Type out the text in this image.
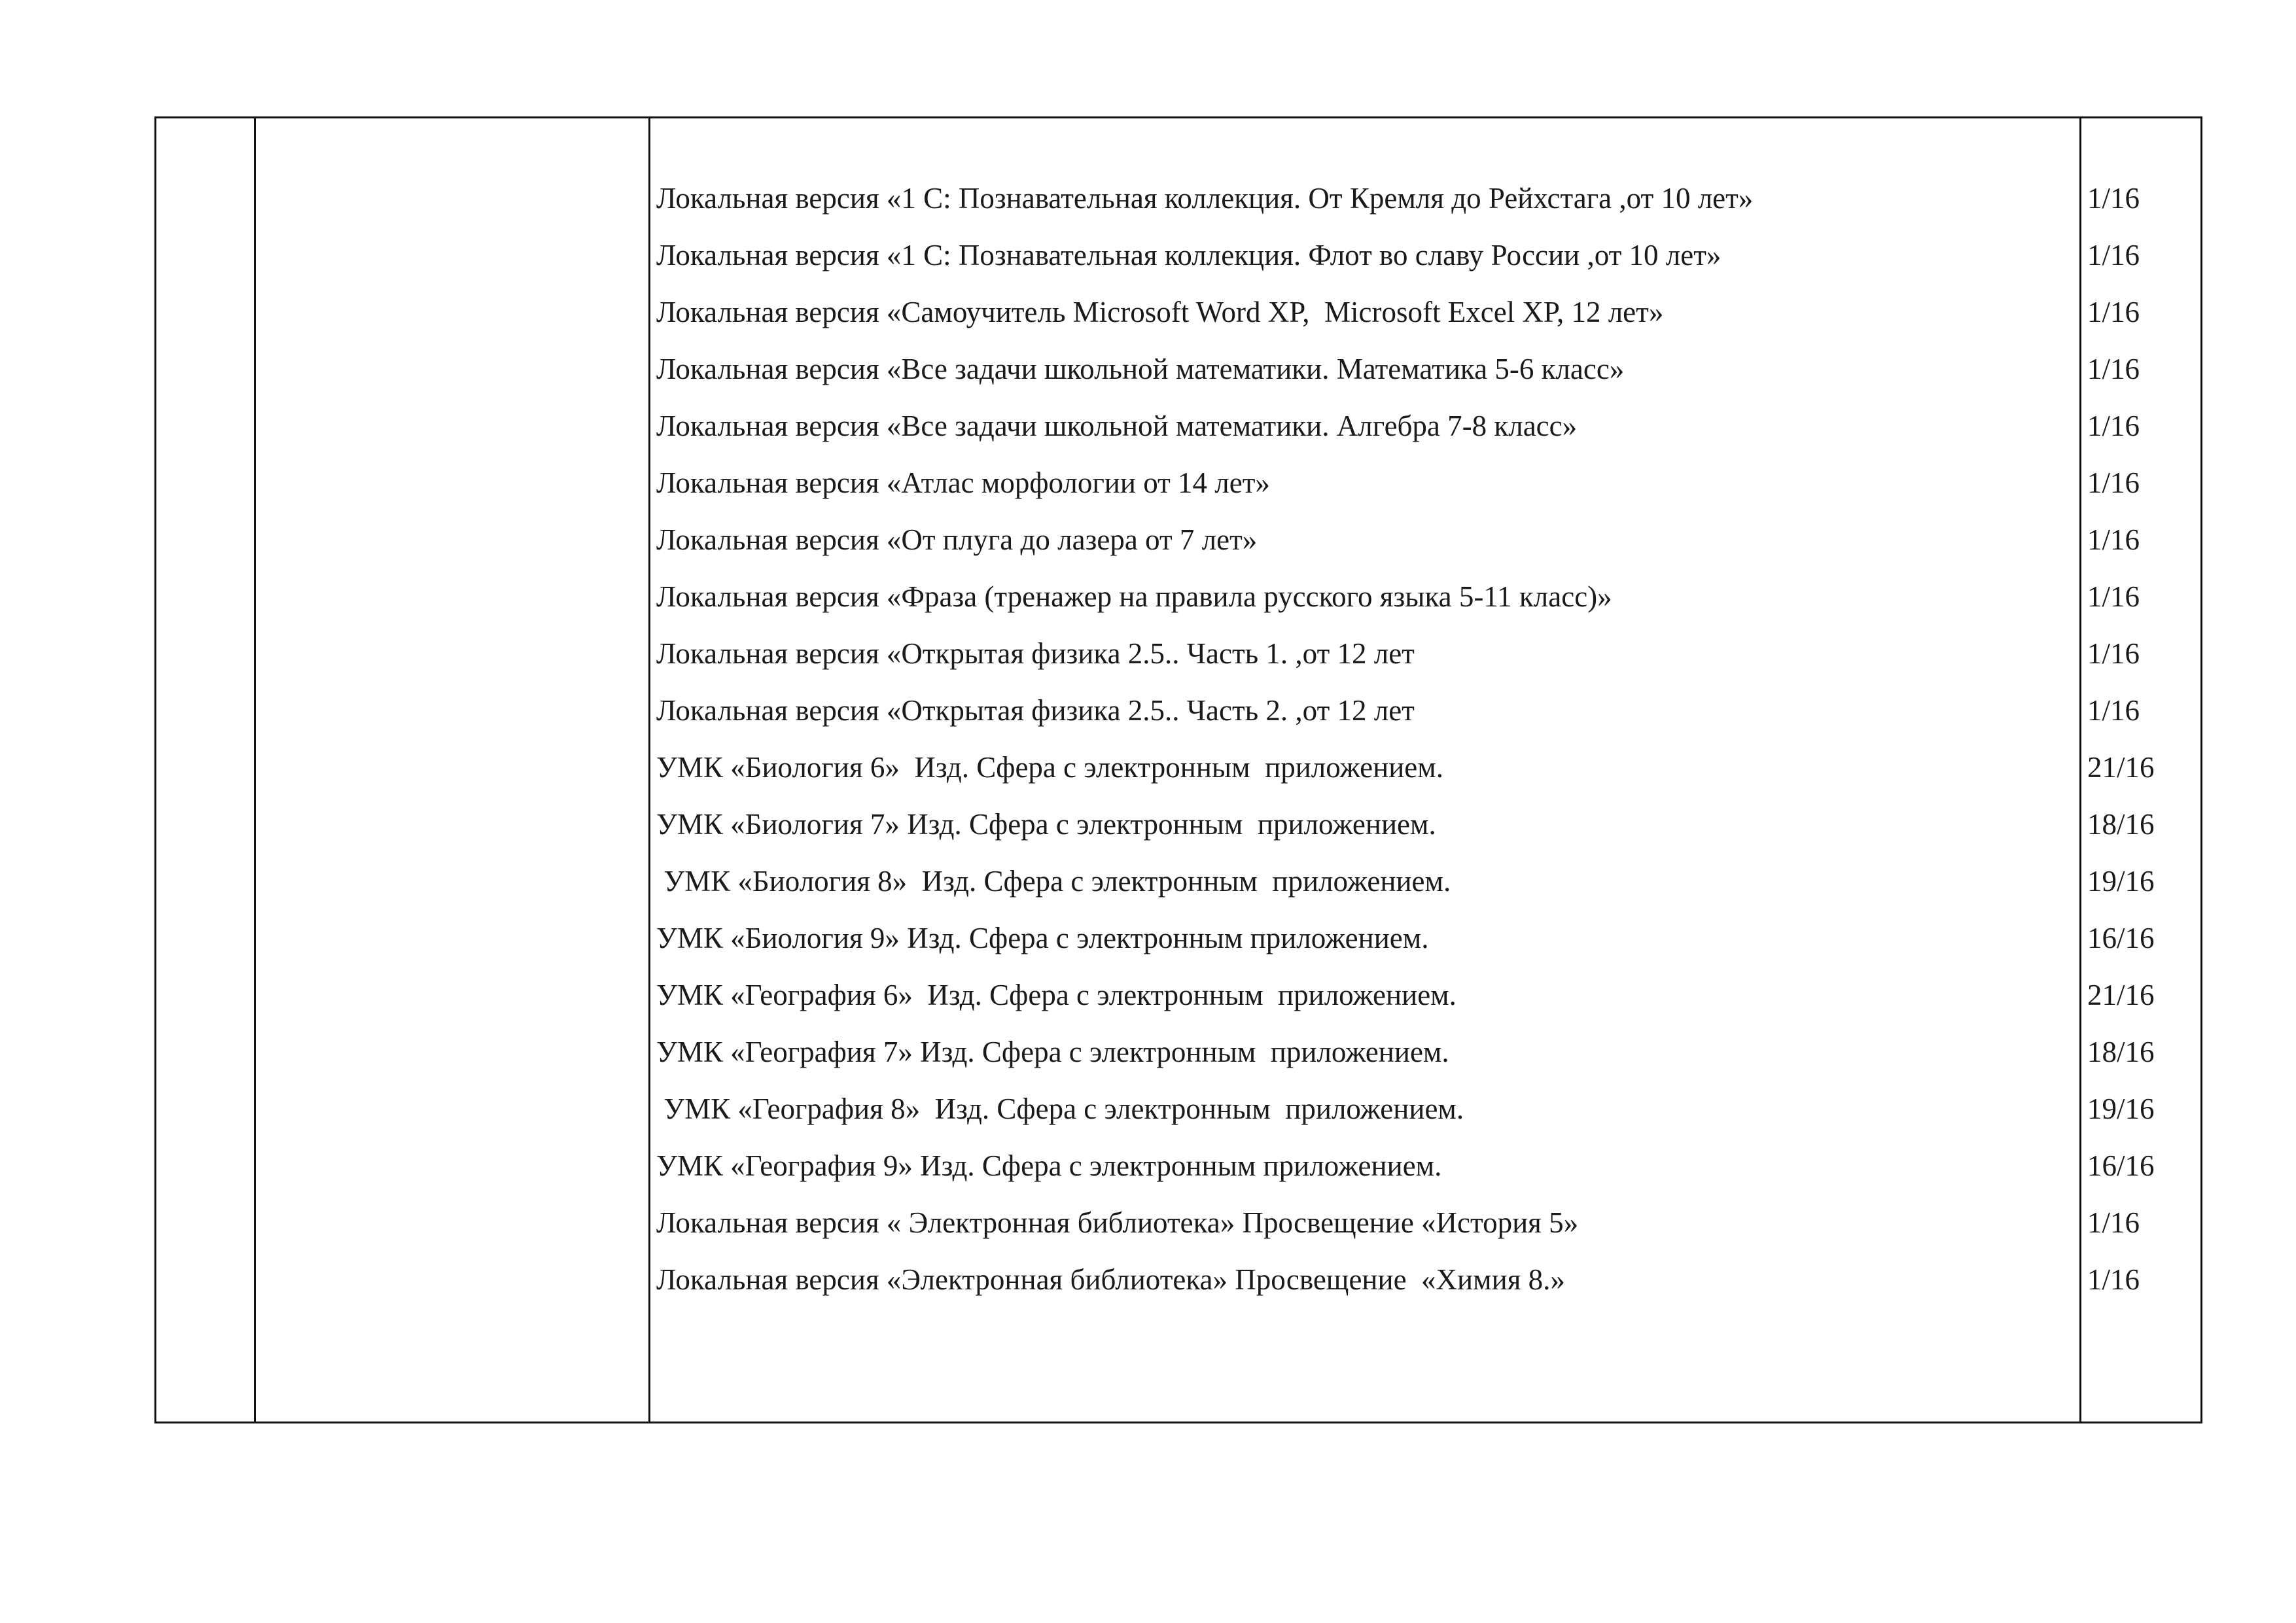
Локальная версия «1 С: Познавательная коллекция. От Кремля до Рейхстага ,от 10 лет»	1/16
Локальная версия «1 С: Познавательная коллекция. Флот во славу России ,от 10 лет»	1/16
Локальная версия «Самоучитель Microsoft Word XP,  Microsoft Excel XP, 12 лет»	1/16
Локальная версия «Все задачи школьной математики. Математика 5-6 класс»	1/16
Локальная версия «Все задачи школьной математики. Алгебра 7-8 класс»	1/16
Локальная версия «Атлас морфологии от 14 лет»	1/16
Локальная версия «От плуга до лазера от 7 лет»	1/16
Локальная версия «Фраза (тренажер на правила русского языка 5-11 класс)»	1/16
Локальная версия «Открытая физика 2.5.. Часть 1. ,от 12 лет	1/16
Локальная версия «Открытая физика 2.5.. Часть 2. ,от 12 лет	1/16
УМК «Биология 6»  Изд. Сфера с электронным  приложением.	21/16
УМК «Биология 7» Изд. Сфера с электронным  приложением.	18/16
УМК «Биология 8»  Изд. Сфера с электронным  приложением.	19/16
УМК «Биология 9» Изд. Сфера с электронным приложением.	16/16
УМК «География 6»  Изд. Сфера с электронным  приложением.	21/16
УМК «География 7» Изд. Сфера с электронным  приложением.	18/16
УМК «География 8»  Изд. Сфера с электронным  приложением.	19/16
УМК «География 9» Изд. Сфера с электронным приложением.	16/16
Локальная версия « Электронная библиотека» Просвещение «История 5»	1/16
Локальная версия «Электронная библиотека» Просвещение  «Химия 8.»	1/16
